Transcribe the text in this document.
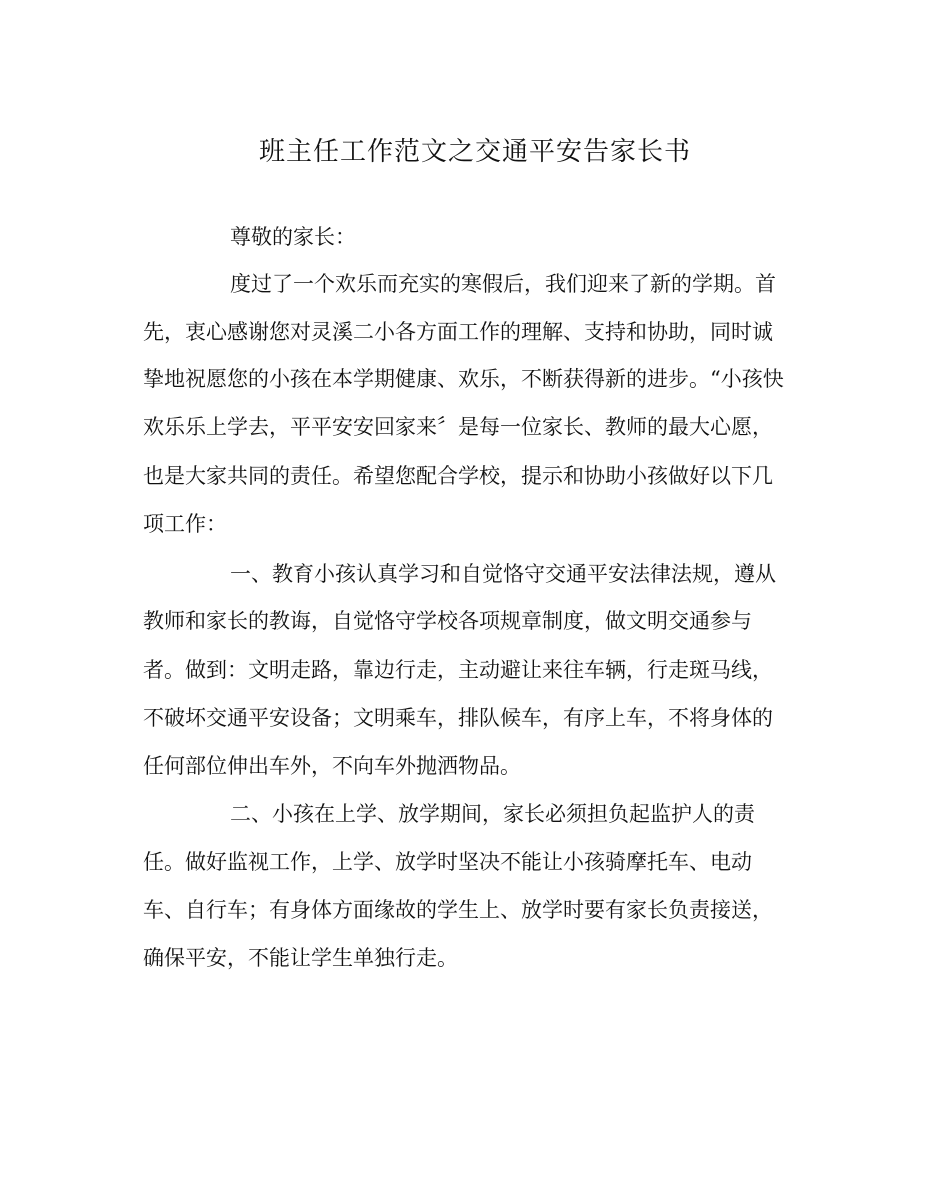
班主任工作范文之交通平安告家长书
尊敬的家长：
度过了一个欢乐而充实的寒假后，我们迎来了新的学期。首
先，衷心感谢您对灵溪二小各方面工作的理解、支持和协助，同时诚
挚地祝愿您的小孩在本学期健康、欢乐，不断获得新的进步。“小孩快
欢乐乐上学去，平平安安回家来〞是每一位家长、教师的最大心愿，
也是大家共同的责任。希望您配合学校，提示和协助小孩做好以下几
项工作：
一、教育小孩认真学习和自觉恪守交通平安法律法规，遵从
教师和家长的教诲，自觉恪守学校各项规章制度，做文明交通参与
者。做到：文明走路，靠边行走，主动避让来往车辆，行走斑马线，
不破坏交通平安设备；文明乘车，排队候车，有序上车，不将身体的
任何部位伸出车外，不向车外抛洒物品。
二、小孩在上学、放学期间，家长必须担负起监护人的责
任。做好监视工作，上学、放学时坚决不能让小孩骑摩托车、电动
车、自行车；有身体方面缘故的学生上、放学时要有家长负责接送，
确保平安，不能让学生单独行走。
